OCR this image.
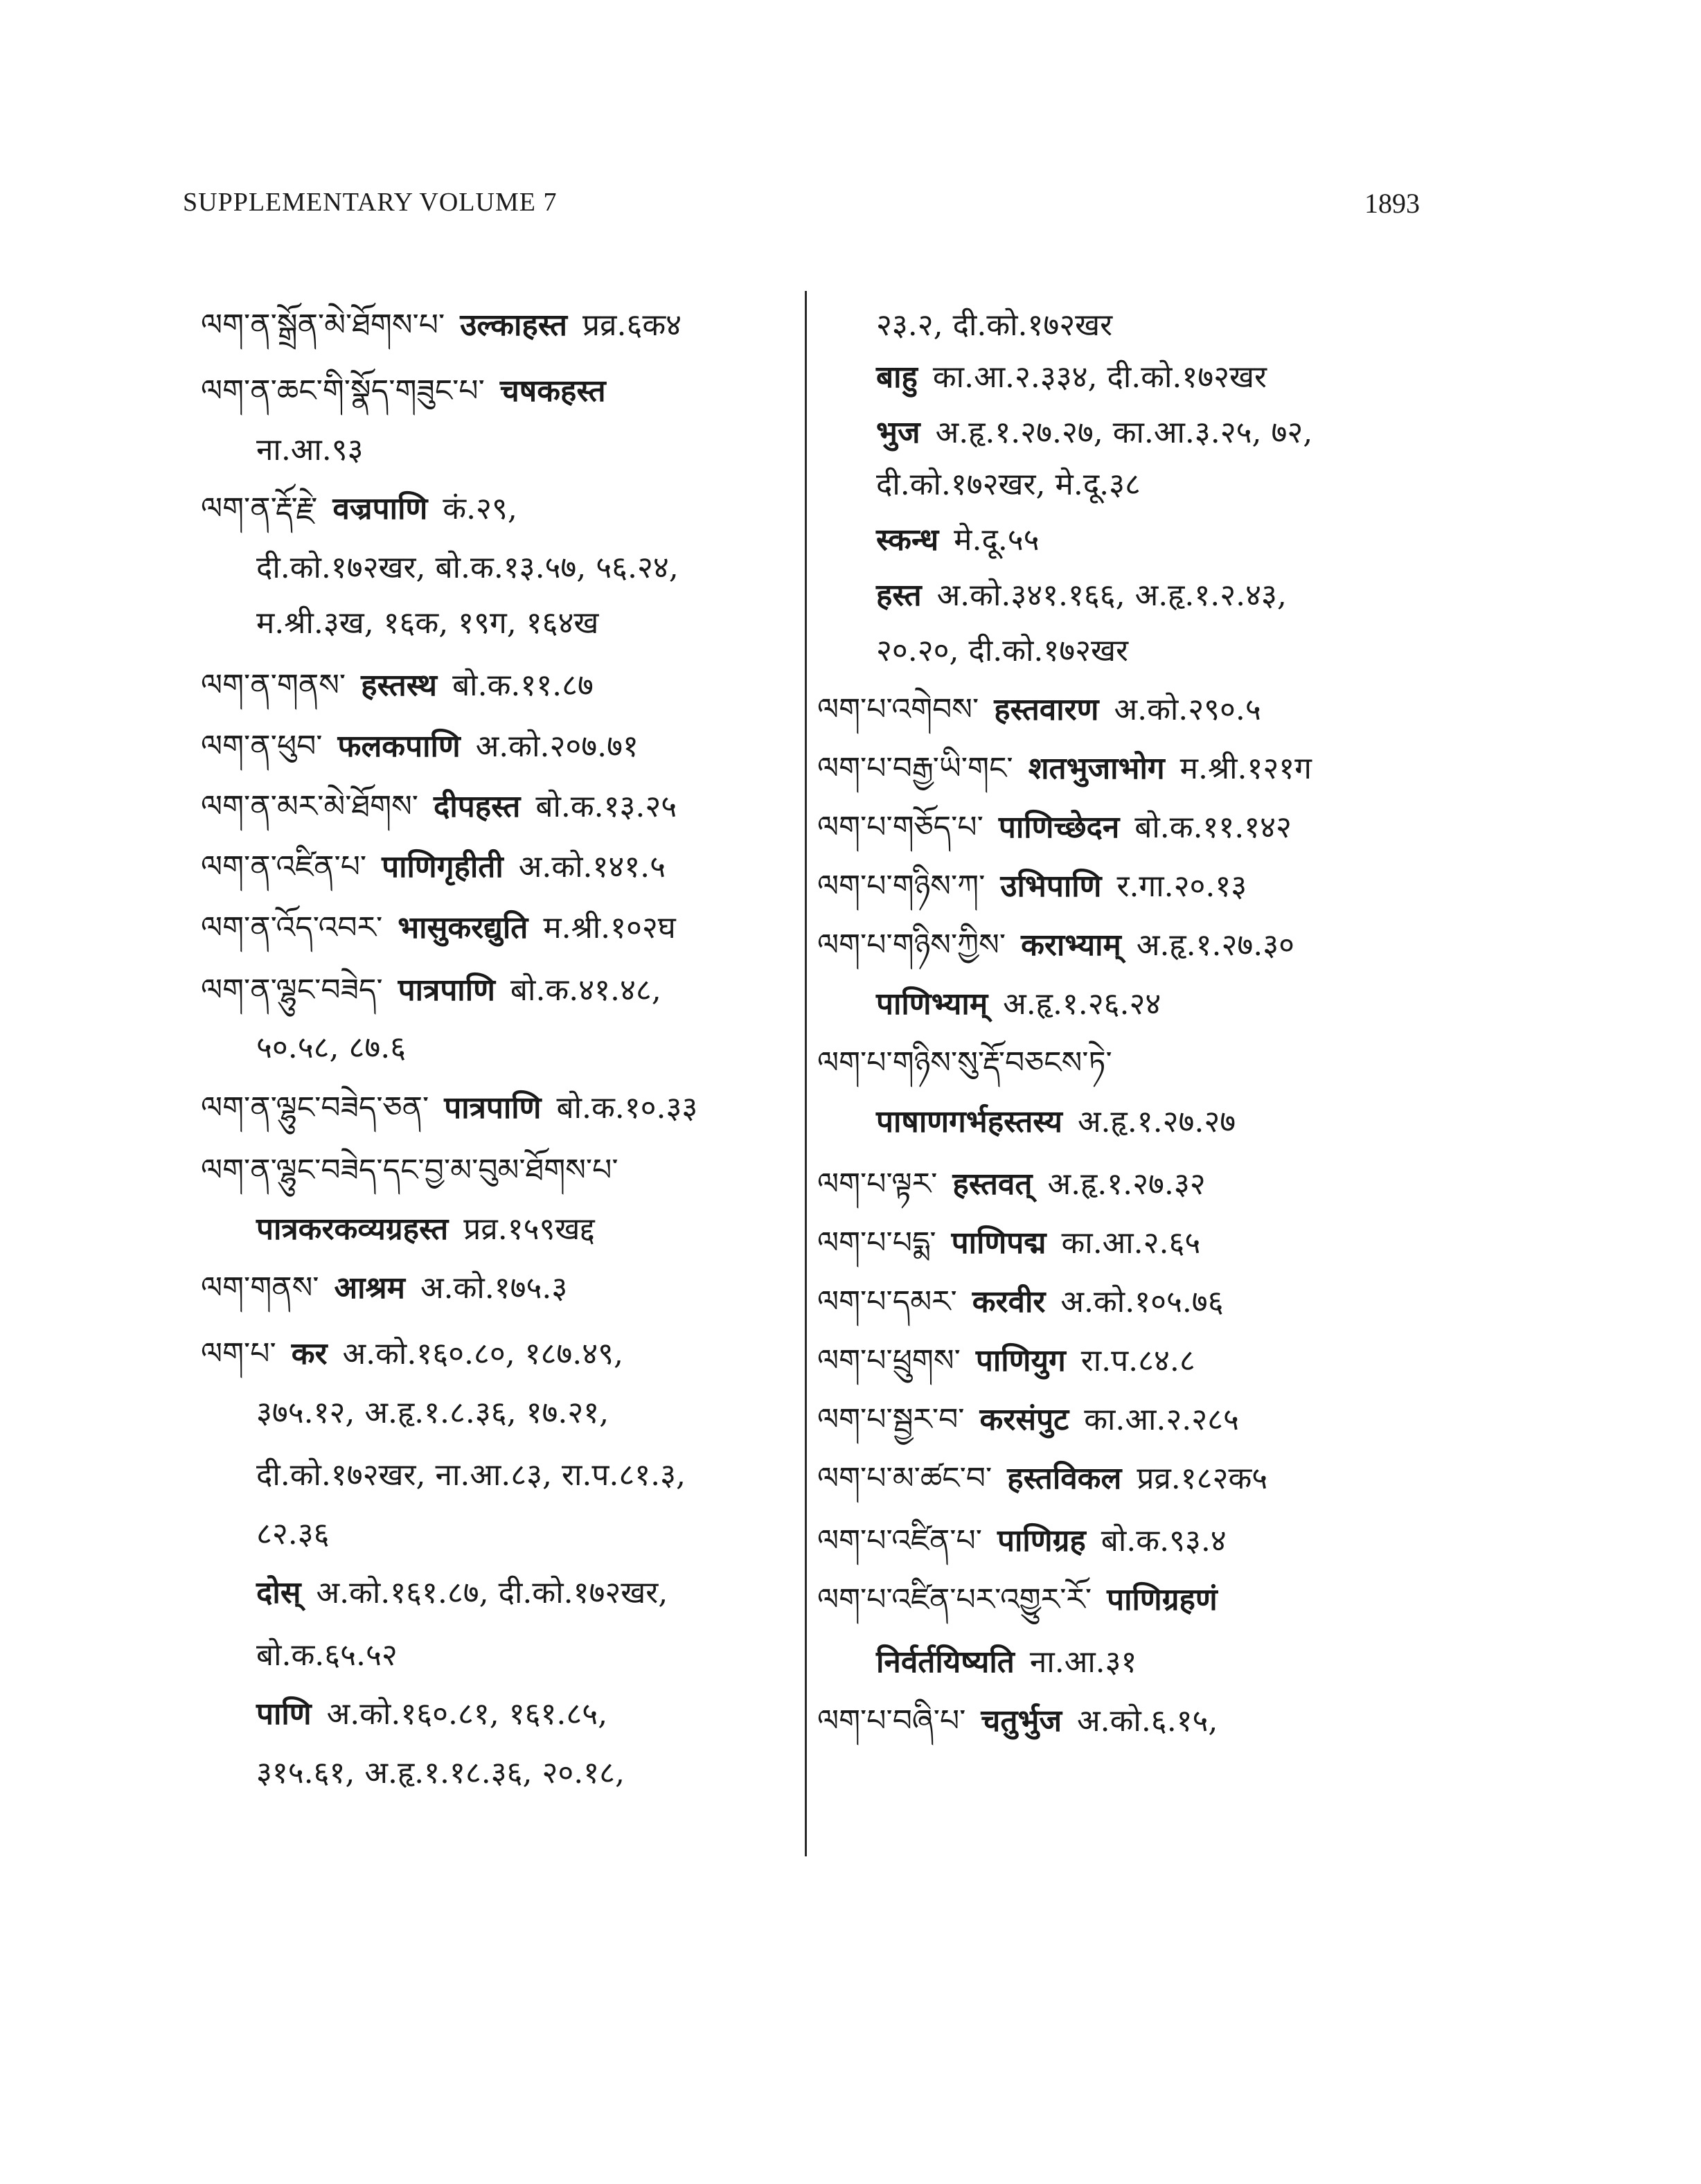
SUPPLEMENTARY VOLUME 7	1893
ལག་ན་སྒྲོན་མེ་ཐོགས་པ་ उल्काहस्त प्रव्र.६क४
ལག་ན་ཆང་གི་སྣོད་གཟུང་པ་ चषकहस्त
ना.आ.९३
ལག་ན་རྡོ་རྗེ་ वज्रपाणि कं.२९,
दी.को.१७२खर, बो.क.१३.५७, ५६.२४,
म.श्री.३ख, १६क, १९ग, १६४ख
ལག་ན་གནས་ हस्तस्थ बो.क.११.८७
ལག་ན་ཕུབ་ फलकपाणि अ.को.२०७.७१
ལག་ན་མར་མེ་ཐོགས་ दीपहस्त बो.क.१३.२५
ལག་ན་འཛིན་པ་ पाणिगृहीती अ.को.१४१.५
ལག་ན་འོད་འབར་ भासुकरद्युति म.श्री.१०२घ
ལག་ན་ལྷུང་བཟེད་ पात्रपाणि बो.क.४१.४८,
५०.५८, ८७.६
ལག་ན་ལྷུང་བཟེད་ཅན་ पात्रपाणि बो.क.१०.३३
ལག་ན་ལྷུང་བཟེད་དང་བྱ་མ་བུམ་ཐོགས་པ་
पात्रकरकव्यग्रहस्त प्रव्र.१५९खद्द
ལག་གནས་ आश्रम अ.को.१७५.३
ལག་པ་ कर अ.को.१६०.८०, १८७.४९,
३७५.१२, अ.हृ.१.८.३६, १७.२१,
दी.को.१७२खर, ना.आ.८३, रा.प.८१.३,
८२.३६
दोस् अ.को.१६१.८७, दी.को.१७२खर,
बो.क.६५.५२
पाणि अ.को.१६०.८१, १६१.८५,
३१५.६१, अ.हृ.१.१८.३६, २०.१८,
२३.२, दी.को.१७२खर
बाहु का.आ.२.३३४, दी.को.१७२खर
भुज अ.हृ.१.२७.२७, का.आ.३.२५, ७२,
दी.को.१७२खर, मे.दू.३८
स्कन्ध मे.दू.५५
हस्त अ.को.३४१.१६६, अ.हृ.१.२.४३,
२०.२०, दी.को.१७२खर
ལག་པ་འགེབས་ हस्तवारण अ.को.२९०.५
ལག་པ་བརྒྱ་ཡི་གང་ शतभुजाभोग म.श्री.१२१ग
ལག་པ་གཅོད་པ་ पाणिच्छेदन बो.क.११.१४२
ལག་པ་གཉིས་ཀ་ उभिपाणि र.गा.२०.१३
ལག་པ་གཉིས་ཀྱིས་ कराभ्याम् अ.हृ.१.२७.३०
पाणिभ्याम् अ.हृ.१.२६.२४
ལག་པ་གཉིས་སུ་རྡོ་བཅངས་ཏེ་
पाषाणगर्भहस्तस्य अ.हृ.१.२७.२७
ལག་པ་ལྟར་ हस्तवत् अ.हृ.१.२७.३२
ལག་པ་པདྨ་ पाणिपद्म का.आ.२.६५
ལག་པ་དམར་ करवीर अ.को.१०५.७६
ལག་པ་ཕྲུགས་ पाणियुग रा.प.८४.८
ལག་པ་སྦྱར་བ་ करसंपुट का.आ.२.२८५
ལག་པ་མ་ཚང་བ་ हस्तविकल प्रव्र.१८२क५
ལག་པ་འཛིན་པ་ पाणिग्रह बो.क.९३.४
ལག་པ་འཛིན་པར་འགྱུར་རོ་ पाणिग्रहणं
निर्वर्तयिष्यति ना.आ.३१
ལག་པ་བཞི་པ་ चतुर्भुज अ.को.६.१५,
